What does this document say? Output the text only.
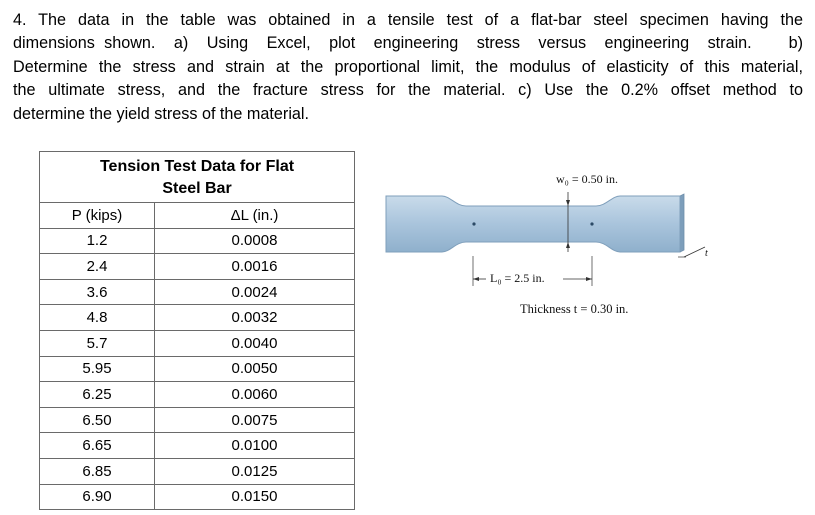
4. The data in the table was obtained in a tensile test of a flat-bar steel specimen having the
dimensions shown.  a)  Using  Excel,  plot  engineering  stress  versus  engineering  strain.    b)
Determine the stress and strain at the proportional limit, the modulus of elasticity of this material,
the ultimate stress, and the fracture stress for the material. c) Use the 0.2% offset method to
determine the yield stress of the material.
Tension Test Data for Flat
Steel Bar	
P (kips)	ΔL (in.)
1.2	0.0008
2.4	0.0016
3.6	0.0024
4.8	0.0032
5.7	0.0040
5.95	0.0050
6.25	0.0060
6.50	0.0075
6.65	0.0100
6.85	0.0125
6.90	0.0150
w₀ = 0.50 in.
L₀ = 2.5 in.
t
Thickness t = 0.30 in.
